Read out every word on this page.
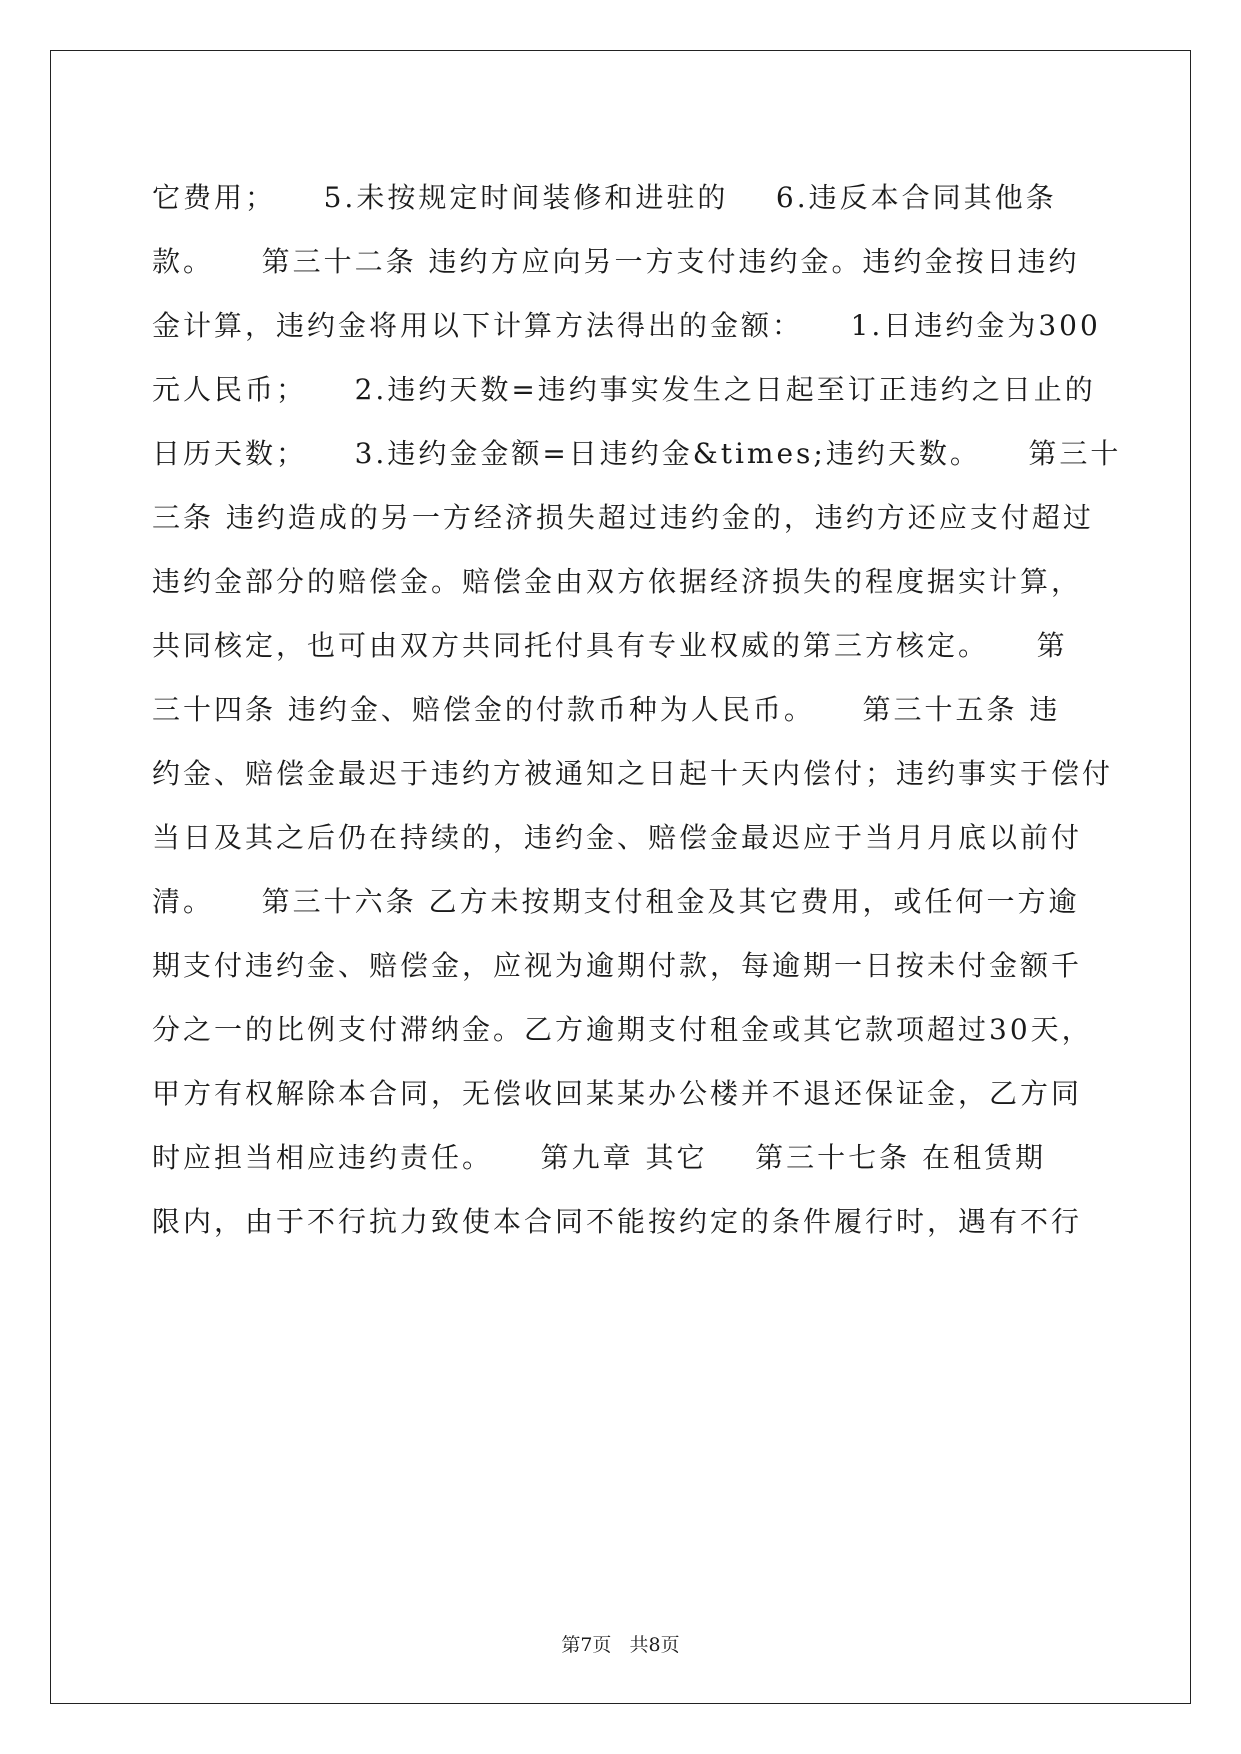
它费用；    5.未按规定时间装修和进驻的    6.违反本合同其他条
款。    第三十二条 违约方应向另一方支付违约金。违约金按日违约
金计算，违约金将用以下计算方法得出的金额：    1.日违约金为300
元人民币；    2.违约天数=违约事实发生之日起至订正违约之日止的
日历天数；    3.违约金金额=日违约金&times;违约天数。    第三十
三条 违约造成的另一方经济损失超过违约金的，违约方还应支付超过
违约金部分的赔偿金。赔偿金由双方依据经济损失的程度据实计算，
共同核定，也可由双方共同托付具有专业权威的第三方核定。    第
三十四条 违约金、赔偿金的付款币种为人民币。    第三十五条 违
约金、赔偿金最迟于违约方被通知之日起十天内偿付；违约事实于偿付
当日及其之后仍在持续的，违约金、赔偿金最迟应于当月月底以前付
清。    第三十六条 乙方未按期支付租金及其它费用，或任何一方逾
期支付违约金、赔偿金，应视为逾期付款，每逾期一日按未付金额千
分之一的比例支付滞纳金。乙方逾期支付租金或其它款项超过30天，
甲方有权解除本合同，无偿收回某某办公楼并不退还保证金，乙方同
时应担当相应违约责任。    第九章 其它    第三十七条 在租赁期
限内，由于不行抗力致使本合同不能按约定的条件履行时，遇有不行
第7页   共8页
